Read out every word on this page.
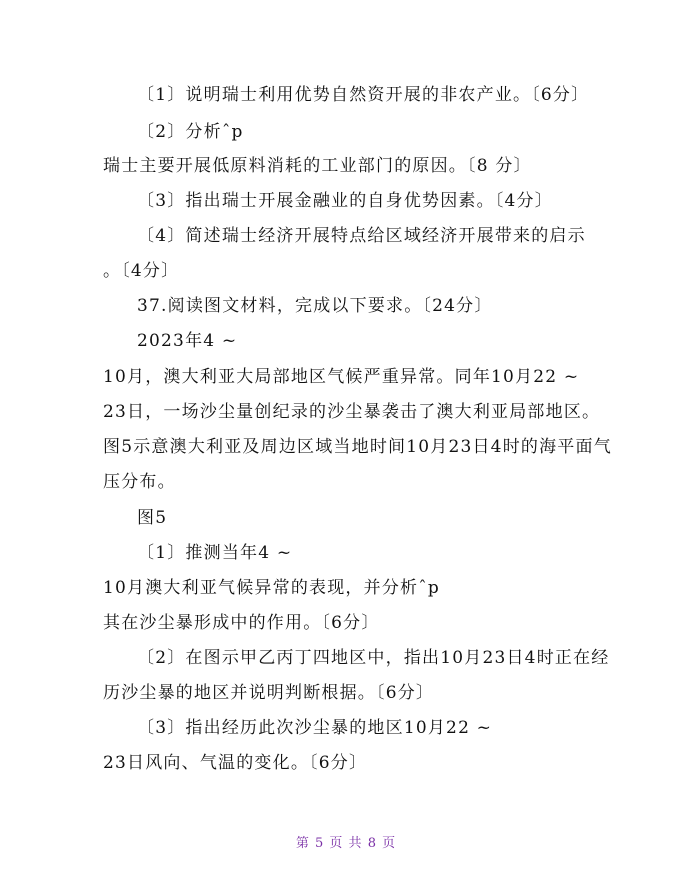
〔1〕说明瑞士利用优势自然资开展的非农产业。〔6分〕
〔2〕分析ˆp
瑞士主要开展低原料消耗的工业部门的原因。〔8 分〕
〔3〕指出瑞士开展金融业的自身优势因素。〔4分〕
〔4〕简述瑞士经济开展特点给区域经济开展带来的启示
。〔4分〕
37.阅读图文材料，完成以下要求。〔24分〕
2023年4 ~
10月，澳大利亚大局部地区气候严重异常。同年10月22 ~
23日，一场沙尘量创纪录的沙尘暴袭击了澳大利亚局部地区。
图5示意澳大利亚及周边区域当地时间10月23日4时的海平面气
压分布。
图5
〔1〕推测当年4 ~
10月澳大利亚气候异常的表现，并分析ˆp
其在沙尘暴形成中的作用。〔6分〕
〔2〕在图示甲乙丙丁四地区中，指出10月23日4时正在经
历沙尘暴的地区并说明判断根据。〔6分〕
〔3〕指出经历此次沙尘暴的地区10月22 ~
23日风向、气温的变化。〔6分〕
第 5 页 共 8 页
